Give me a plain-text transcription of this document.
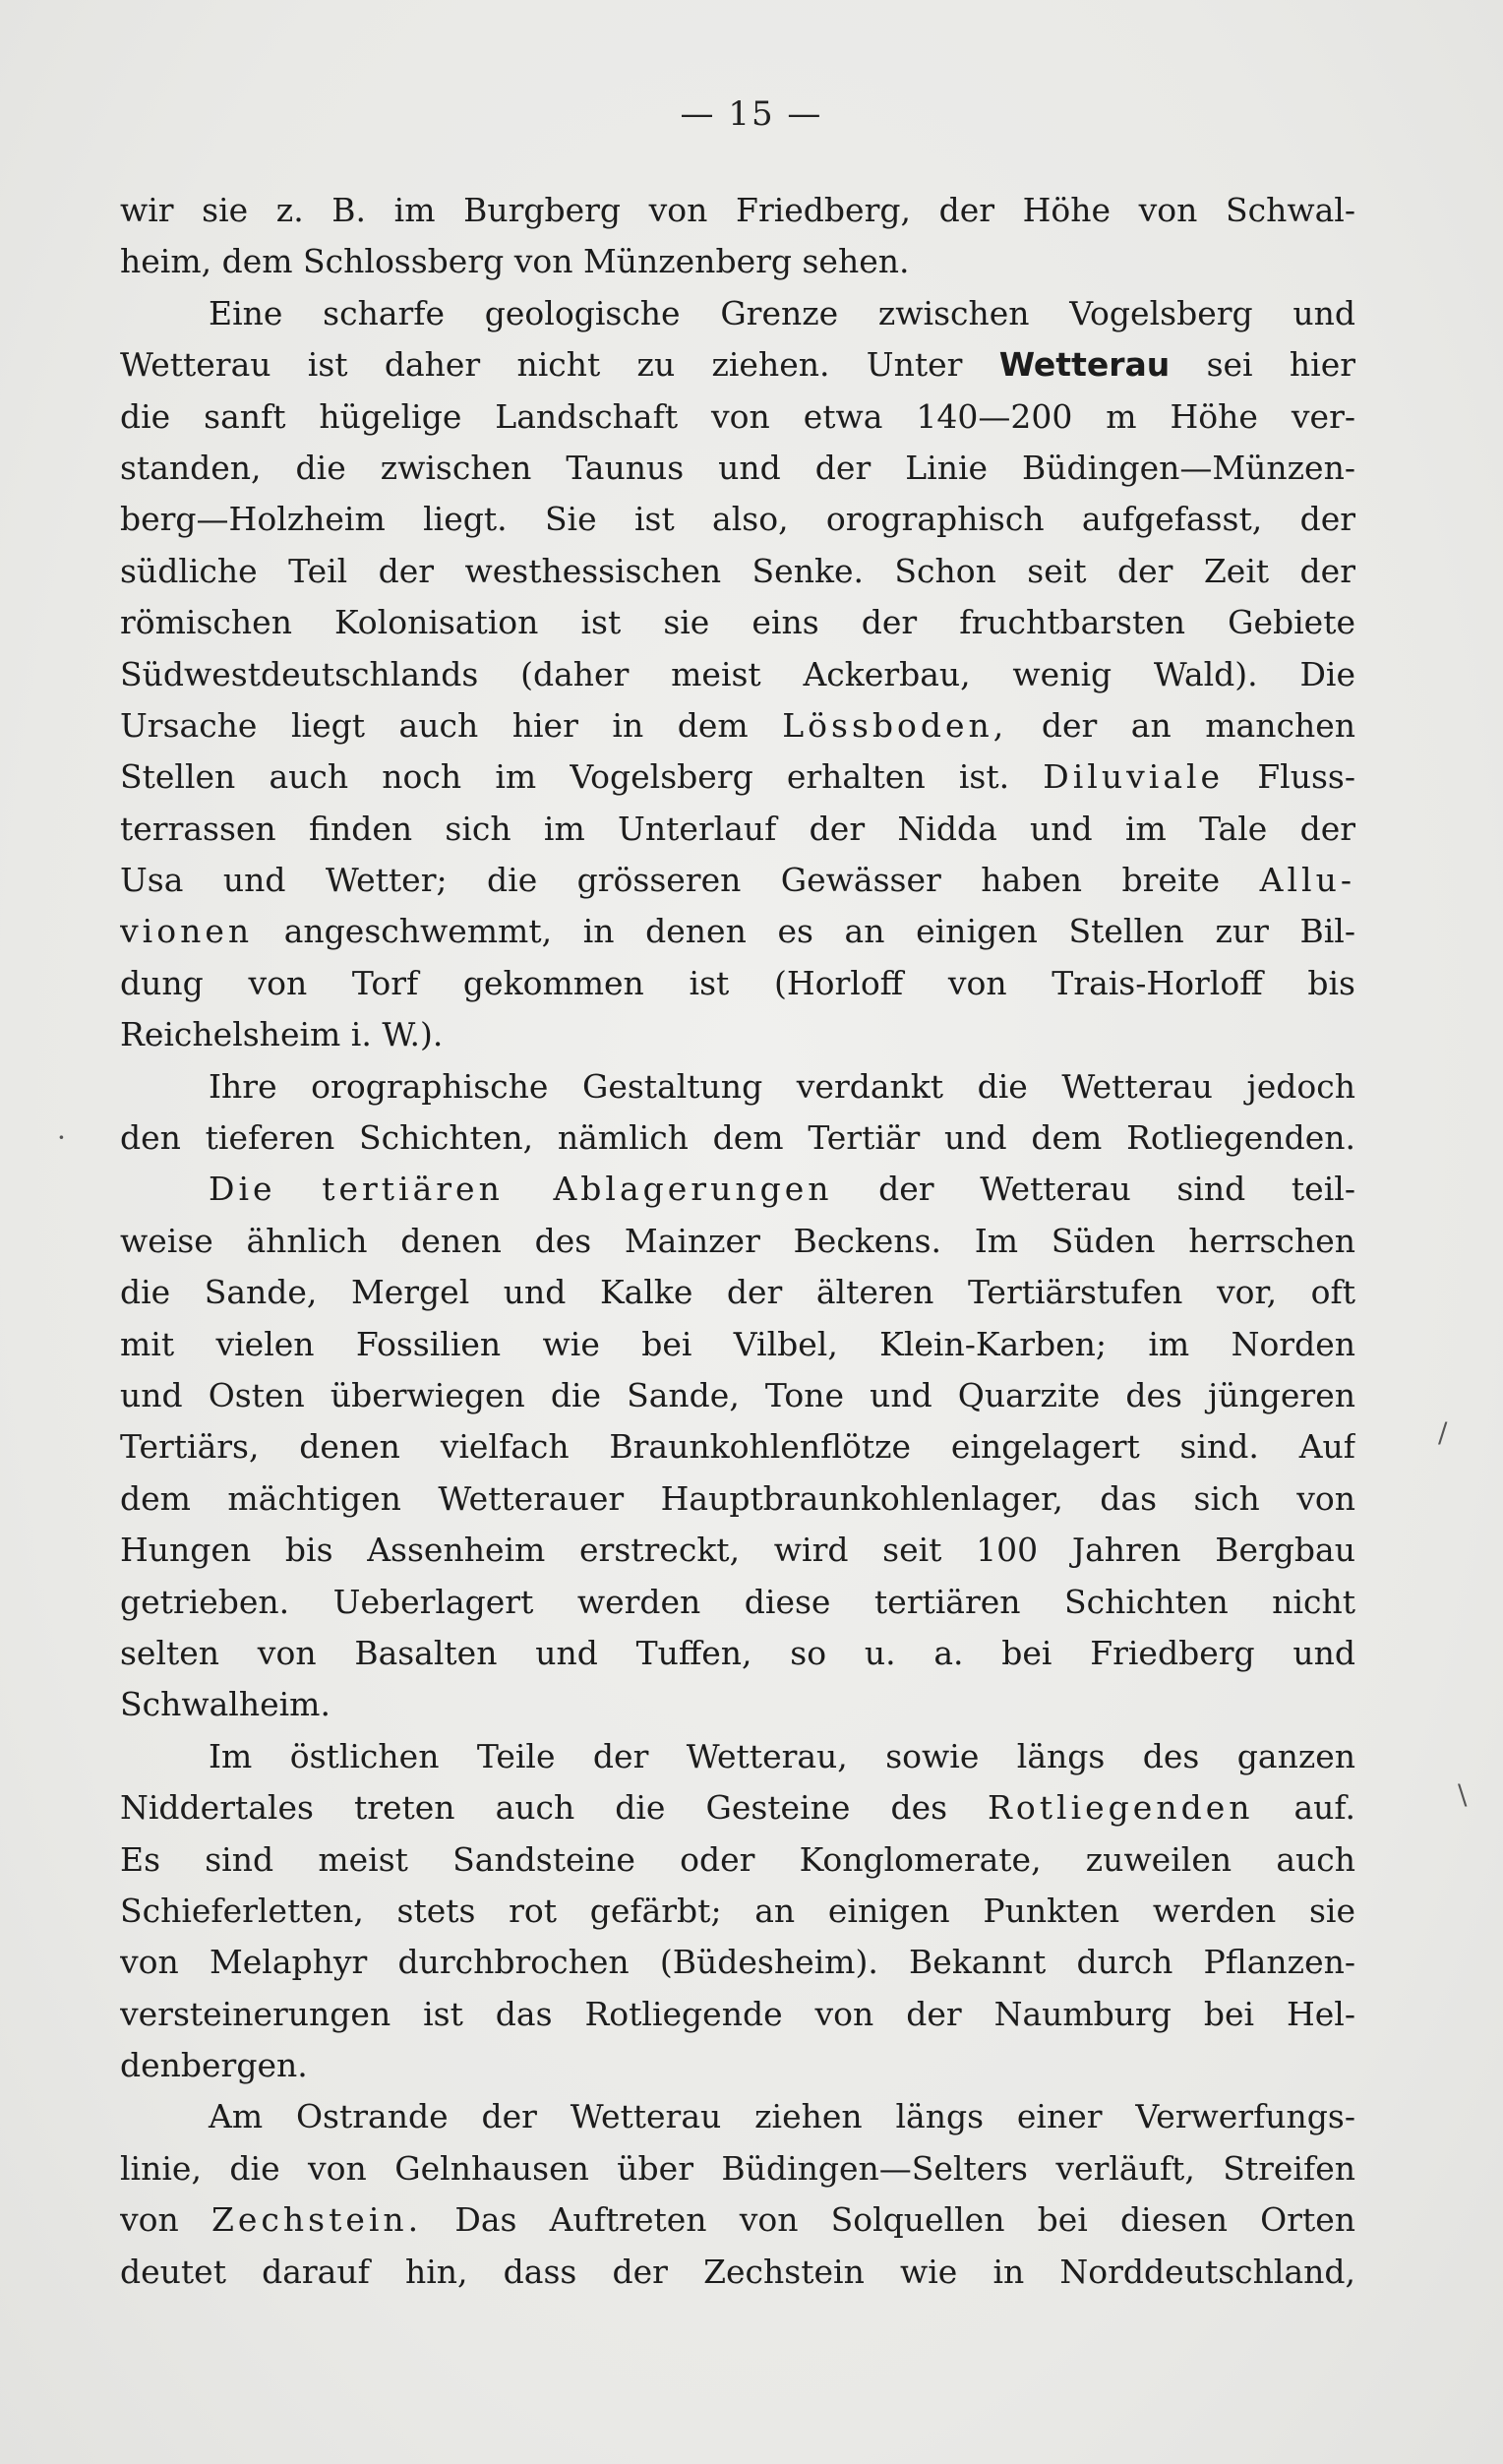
— 15 —
wir sie z. B. im Burgberg von Friedberg, der Höhe von Schwal-
heim, dem Schlossberg von Münzenberg sehen.
Eine scharfe geologische Grenze zwischen Vogelsberg und
Wetterau ist daher nicht zu ziehen. Unter Wetterau sei hier
die sanft hügelige Landschaft von etwa 140—200 m Höhe ver-
standen, die zwischen Taunus und der Linie Büdingen—Münzen-
berg—Holzheim liegt. Sie ist also, orographisch aufgefasst, der
südliche Teil der westhessischen Senke. Schon seit der Zeit der
römischen Kolonisation ist sie eins der fruchtbarsten Gebiete
Südwestdeutschlands (daher meist Ackerbau, wenig Wald). Die
Ursache liegt auch hier in dem Lössboden, der an manchen
Stellen auch noch im Vogelsberg erhalten ist. Diluviale Fluss-
terrassen finden sich im Unterlauf der Nidda und im Tale der
Usa und Wetter; die grösseren Gewässer haben breite Allu-
vionen angeschwemmt, in denen es an einigen Stellen zur Bil-
dung von Torf gekommen ist (Horloff von Trais-Horloff bis
Reichelsheim i. W.).
Ihre orographische Gestaltung verdankt die Wetterau jedoch
den tieferen Schichten, nämlich dem Tertiär und dem Rotliegenden.
Die tertiären Ablagerungen der Wetterau sind teil-
weise ähnlich denen des Mainzer Beckens. Im Süden herrschen
die Sande, Mergel und Kalke der älteren Tertiärstufen vor, oft
mit vielen Fossilien wie bei Vilbel, Klein-Karben; im Norden
und Osten überwiegen die Sande, Tone und Quarzite des jüngeren
Tertiärs, denen vielfach Braunkohlenflötze eingelagert sind. Auf
dem mächtigen Wetterauer Hauptbraunkohlenlager, das sich von
Hungen bis Assenheim erstreckt, wird seit 100 Jahren Bergbau
getrieben. Ueberlagert werden diese tertiären Schichten nicht
selten von Basalten und Tuffen, so u. a. bei Friedberg und
Schwalheim.
Im östlichen Teile der Wetterau, sowie längs des ganzen
Niddertales treten auch die Gesteine des Rotliegenden auf.
Es sind meist Sandsteine oder Konglomerate, zuweilen auch
Schieferletten, stets rot gefärbt; an einigen Punkten werden sie
von Melaphyr durchbrochen (Büdesheim). Bekannt durch Pflanzen-
versteinerungen ist das Rotliegende von der Naumburg bei Hel-
denbergen.
Am Ostrande der Wetterau ziehen längs einer Verwerfungs-
linie, die von Gelnhausen über Büdingen—Selters verläuft, Streifen
von Zechstein. Das Auftreten von Solquellen bei diesen Orten
deutet darauf hin, dass der Zechstein wie in Norddeutschland,
·
/
\
